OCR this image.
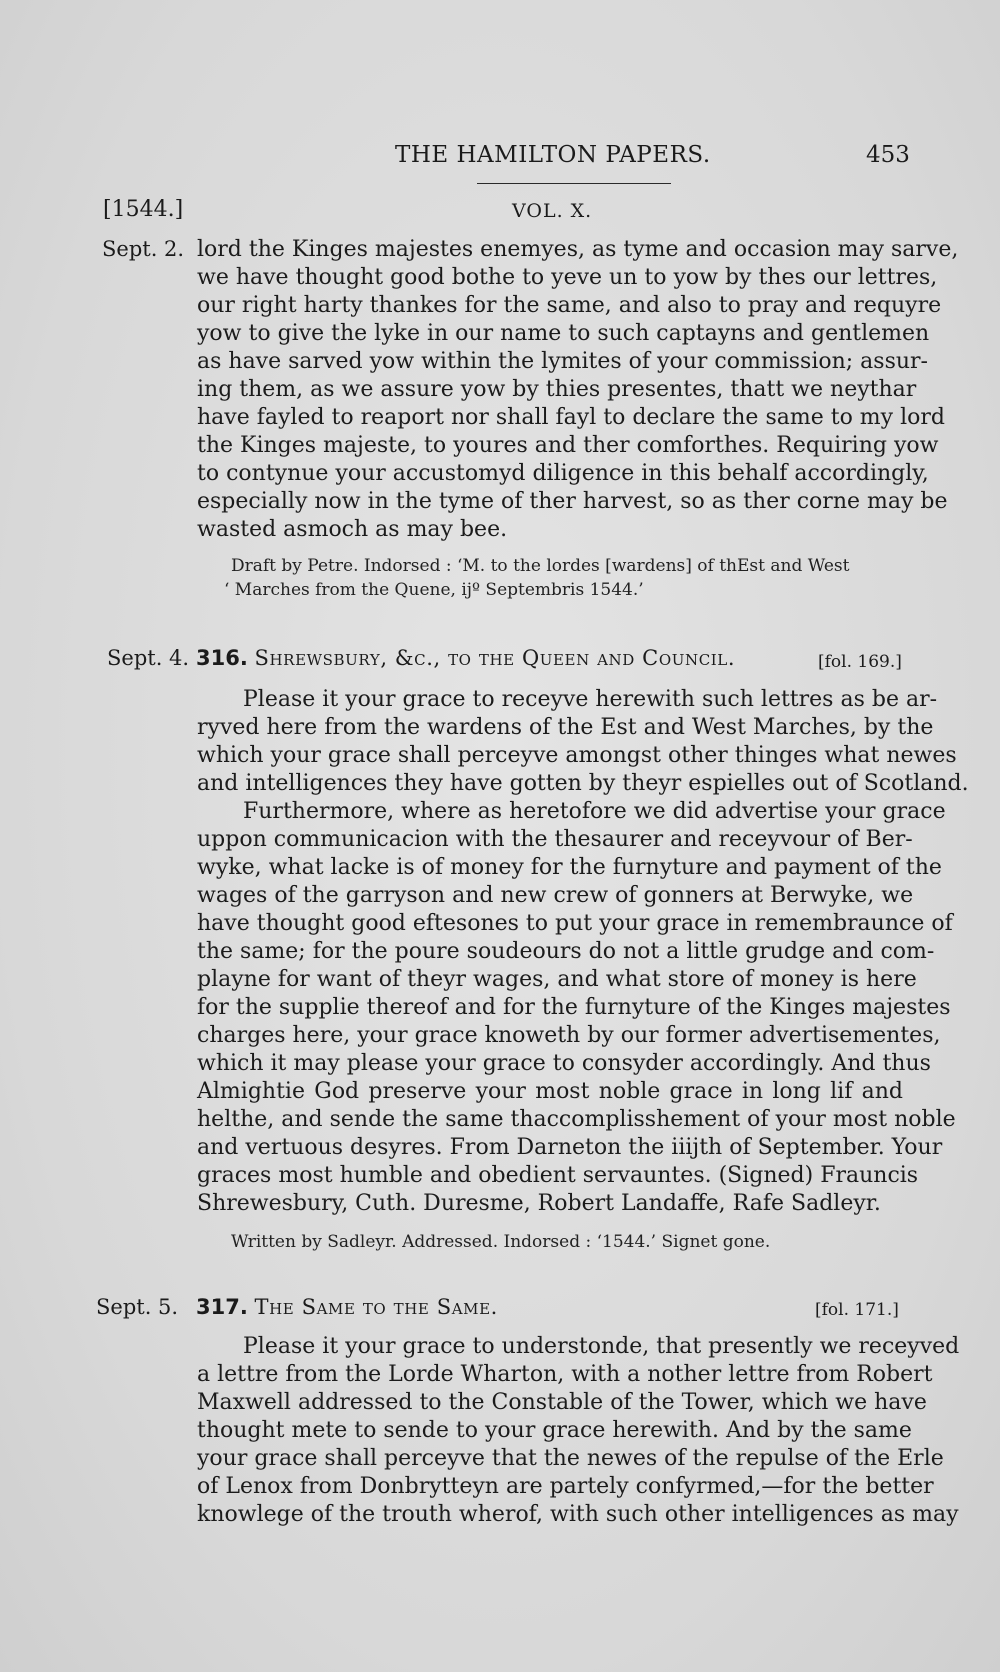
THE HAMILTON PAPERS.	453
[1544.]	VOL. X.
Sept. 2. lord the Kinges majestes enemyes, as tyme and occasion may sarve,
we have thought good bothe to yeve un to yow by thes our lettres,
our right harty thankes for the same, and also to pray and requyre
yow to give the lyke in our name to such captayns and gentlemen
as have sarved yow within the lymites of your commission; assur-
ing them, as we assure yow by thies presentes, thatt we neythar
have fayled to reaport nor shall fayl to declare the same to my lord
the Kinges majeste, to youres and ther comforthes. Requiring yow
to contynue your accustomyd diligence in this behalf accordingly,
especially now in the tyme of ther harvest, so as ther corne may be
wasted asmoch as may bee.
Draft by Petre. Indorsed : ‘M. to the lordes [wardens] of thEst and West
‘ Marches from the Quene, ijº Septembris 1544.’
Sept. 4. 316. Shrewsbury, &c., to the Queen and Council.	[fol. 169.]
Please it your grace to receyve herewith such lettres as be ar-
ryved here from the wardens of the Est and West Marches, by the
which your grace shall perceyve amongst other thinges what newes
and intelligences they have gotten by theyr espielles out of Scotland.
Furthermore, where as heretofore we did advertise your grace
uppon communicacion with the thesaurer and receyvour of Ber-
wyke, what lacke is of money for the furnyture and payment of the
wages of the garryson and new crew of gonners at Berwyke, we
have thought good eftesones to put your grace in remembraunce of
the same; for the poure soudeours do not a little grudge and com-
playne for want of theyr wages, and what store of money is here
for the supplie thereof and for the furnyture of the Kinges majestes
charges here, your grace knoweth by our former advertisementes,
which it may please your grace to consyder accordingly. And thus
Almightie God preserve your most noble grace in long lif and
helthe, and sende the same thaccomplisshement of your most noble
and vertuous desyres. From Darneton the iiijth of September. Your
graces most humble and obedient servauntes. (Signed) Frauncis
Shrewesbury, Cuth. Duresme, Robert Landaffe, Rafe Sadleyr.
Written by Sadleyr. Addressed. Indorsed : ‘1544.’ Signet gone.
Sept. 5. 317. The Same to the Same.	[fol. 171.]
Please it your grace to understonde, that presently we receyved
a lettre from the Lorde Wharton, with a nother lettre from Robert
Maxwell addressed to the Constable of the Tower, which we have
thought mete to sende to your grace herewith. And by the same
your grace shall perceyve that the newes of the repulse of the Erle
of Lenox from Donbrytteyn are partely confyrmed,—for the better
knowlege of the trouth wherof, with such other intelligences as may
